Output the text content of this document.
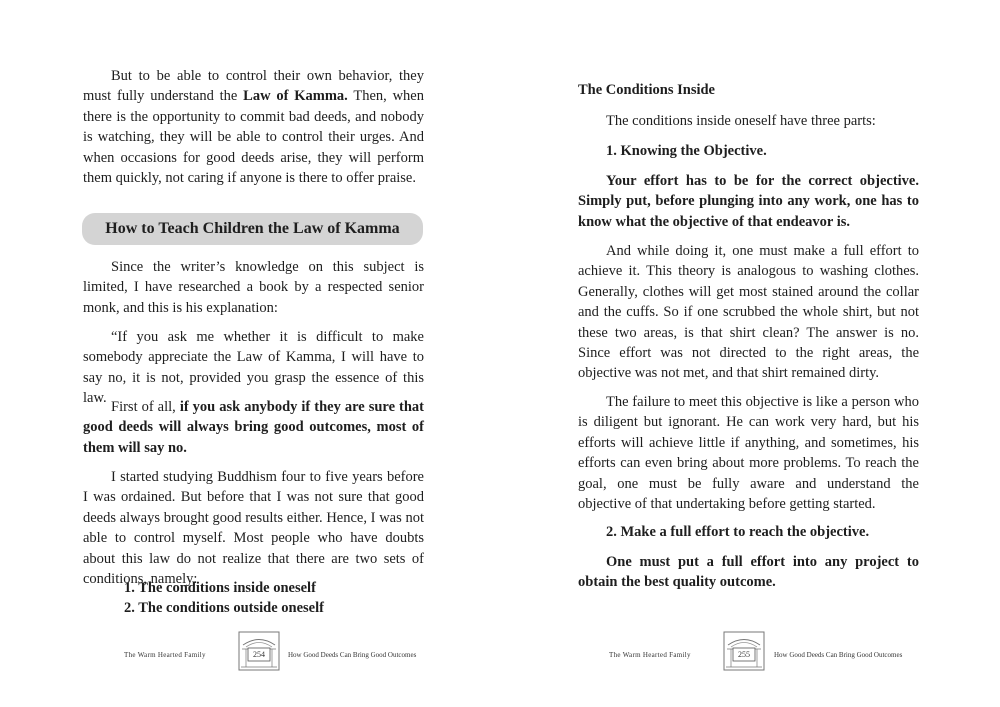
But to be able to control their own behavior, they must fully understand the Law of Kamma. Then, when there is the opportunity to commit bad deeds, and nobody is watching, they will be able to control their urges. And when occasions for good deeds arise, they will perform them quickly, not caring if anyone is there to offer praise.

How to Teach Children the Law of Kamma

Since the writer’s knowledge on this subject is limited, I have researched a book by a respected senior monk, and this is his explanation:

“If you ask me whether it is difficult to make somebody appreciate the Law of Kamma, I will have to say no, it is not, provided you grasp the essence of this law.

First of all, if you ask anybody if they are sure that good deeds will always bring good outcomes, most of them will say no.

I started studying Buddhism four to five years before I was ordained. But before that I was not sure that good deeds always brought good results either. Hence, I was not able to control myself. Most people who have doubts about this law do not realize that there are two sets of conditions, namely:

1. The conditions inside oneself
2. The conditions outside oneself
The Warm Hearted Family	254	How Good Deeds Can Bring Good Outcomes

The Conditions Inside

The conditions inside oneself have three parts:

1. Knowing the Objective.

Your effort has to be for the correct objective. Simply put, before plunging into any work, one has to know what the objective of that endeavor is.

And while doing it, one must make a full effort to achieve it. This theory is analogous to washing clothes. Generally, clothes will get most stained around the collar and the cuffs. So if one scrubbed the whole shirt, but not these two areas, is that shirt clean? The answer is no. Since effort was not directed to the right areas, the objective was not met, and that shirt remained dirty.

The failure to meet this objective is like a person who is diligent but ignorant. He can work very hard, but his efforts will achieve little if anything, and sometimes, his efforts can even bring about more problems. To reach the goal, one must be fully aware and understand the objective of that undertaking before getting started.

2. Make a full effort to reach the objective.

One must put a full effort into any project to obtain the best quality outcome.

The Warm Hearted Family	255	How Good Deeds Can Bring Good Outcomes
